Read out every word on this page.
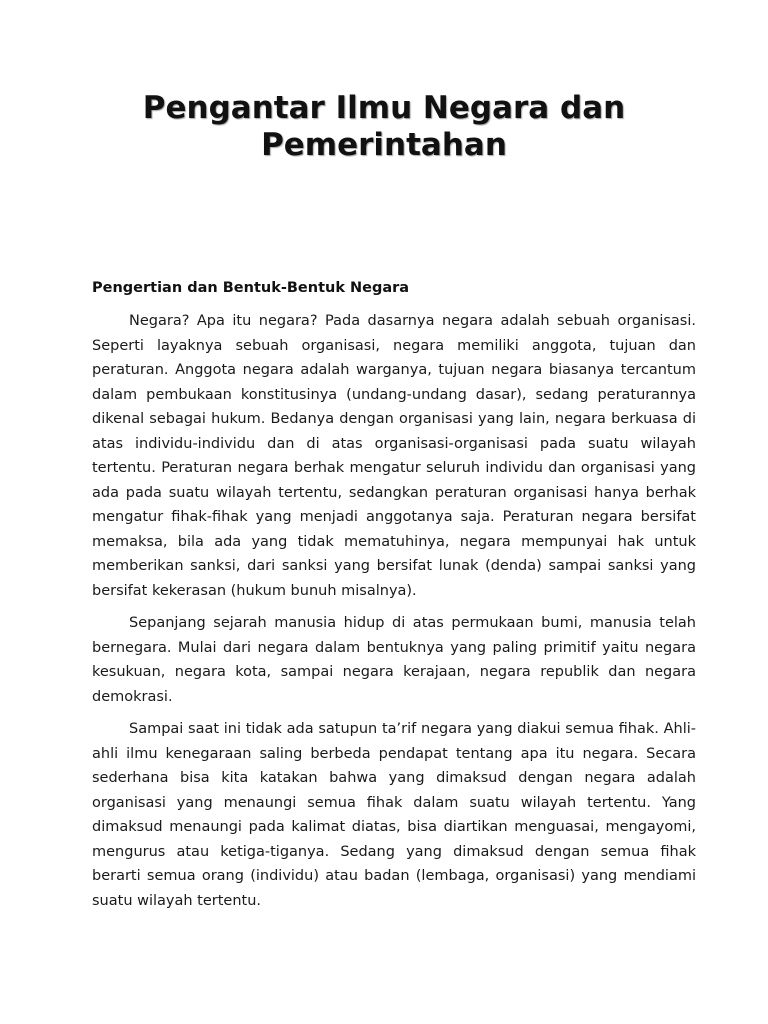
Pengantar Ilmu Negara dan
Pemerintahan
Pengertian dan Bentuk-Bentuk Negara

Negara? Apa itu negara? Pada dasarnya negara adalah sebuah organisasi. Seperti layaknya sebuah organisasi, negara memiliki anggota, tujuan dan peraturan. Anggota negara adalah warganya, tujuan negara biasanya tercantum dalam pembukaan konstitusinya (undang-undang dasar), sedang peraturannya dikenal sebagai hukum. Bedanya dengan organisasi yang lain, negara berkuasa di atas individu-individu dan di atas organisasi-organisasi pada suatu wilayah tertentu. Peraturan negara berhak mengatur seluruh individu dan organisasi yang ada pada suatu wilayah tertentu, sedangkan peraturan organisasi hanya berhak mengatur fihak-fihak yang menjadi anggotanya saja. Peraturan negara bersifat memaksa, bila ada yang tidak mematuhinya, negara mempunyai hak untuk memberikan sanksi, dari sanksi yang bersifat lunak (denda) sampai sanksi yang bersifat kekerasan (hukum bunuh misalnya).

Sepanjang sejarah manusia hidup di atas permukaan bumi, manusia telah bernegara. Mulai dari negara dalam bentuknya yang paling primitif yaitu negara kesukuan, negara kota, sampai negara kerajaan, negara republik dan negara demokrasi.

Sampai saat ini tidak ada satupun ta’rif negara yang diakui semua fihak. Ahli-ahli ilmu kenegaraan saling berbeda pendapat tentang apa itu negara. Secara sederhana bisa kita katakan bahwa yang dimaksud dengan negara adalah organisasi yang menaungi semua fihak dalam suatu wilayah tertentu. Yang dimaksud menaungi pada kalimat diatas, bisa diartikan menguasai, mengayomi, mengurus atau ketiga-tiganya. Sedang yang dimaksud dengan semua fihak berarti semua orang (individu) atau badan (lembaga, organisasi) yang mendiami suatu wilayah tertentu.
